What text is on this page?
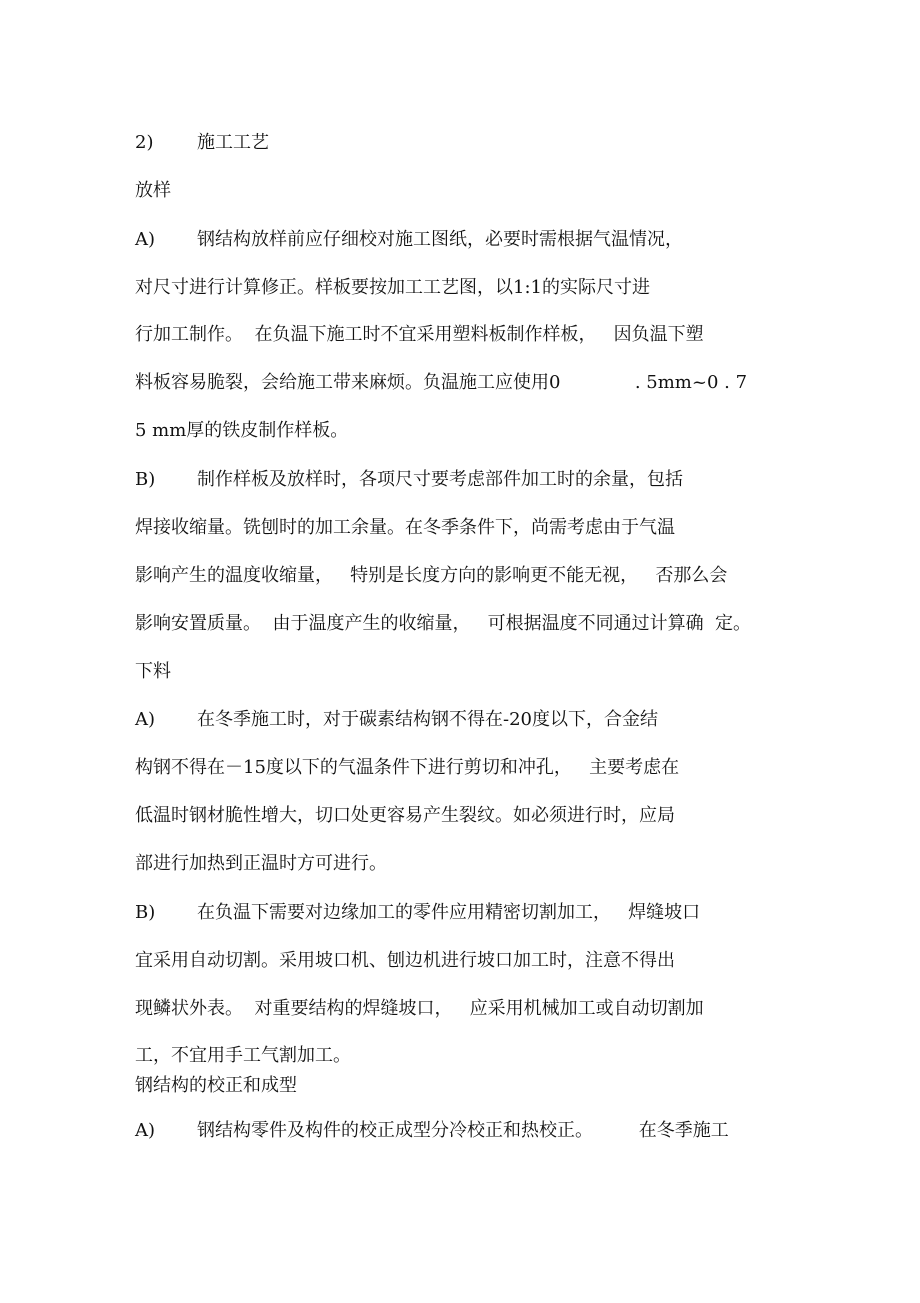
2) 施工工艺
放样
A) 钢结构放样前应仔细校对施工图纸，必要时需根据气温情况，
对尺寸进行计算修正。样板要按加工工艺图，以1:1的实际尺寸进
行加工制作。  在负温下施工时不宜采用塑料板制作样板，   因负温下塑
料板容易脆裂，会给施工带来麻烦。负温施工应使用0             . 5mm~0 . 7
5 mm厚的铁皮制作样板。
B) 制作样板及放样时，各项尺寸要考虑部件加工时的余量，包括
焊接收缩量。铣刨时的加工余量。在冬季条件下，尚需考虑由于气温
影响产生的温度收缩量，   特别是长度方向的影响更不能无视，   否那么会
影响安置质量。  由于温度产生的收缩量，   可根据温度不同通过计算确  定。
下料
A) 在冬季施工时，对于碳素结构钢不得在-20度以下，合金结
构钢不得在－15度以下的气温条件下进行剪切和冲孔，   主要考虑在
低温时钢材脆性增大，切口处更容易产生裂纹。如必须进行时，应局
部进行加热到正温时方可进行。
B) 在负温下需要对边缘加工的零件应用精密切割加工，   焊缝坡口
宜采用自动切割。采用坡口机、刨边机进行坡口加工时，注意不得出
现鳞状外表。  对重要结构的焊缝坡口，   应采用机械加工或自动切割加
工，不宜用手工气割加工。
钢结构的校正和成型
A) 钢结构零件及构件的校正成型分冷校正和热校正。        在冬季施工
